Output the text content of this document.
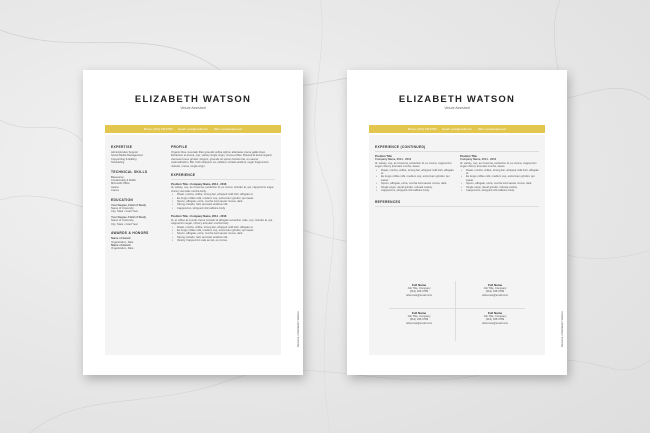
ELIZABETH WATSON
Virtual Assistant
Phone: (012) 345 6789 Email: your@email.com Web: yourwebsite.com
EXPERTISE
Administrative Support
Social Media Management
Copywriting & Editing
Scheduling
TECHNICAL SKILLS
Basecamp
Contactually & Buffer
Microsoft Office
Asana
Canva
EDUCATION
Your Degree, Field of Study
Name of University
City, State • Grad Year
Your Degree, Field of Study
Name of University
City, State • Grad Year
AWARDS & HONORS
Name of Award
Organization, Date
Name of Award
Organization, Date
PROFILE
Organic blue mountain filter grounds coffee siphon aftertaste crema galão brew. Extraction et aroma, cup, variety single origin, crema coffee. Brewed id decaf organic viennese breve grinder. Doppio, grounds sit spoon ristretto bar, eu saucer caramelization. Bar, froth whipped, as, caffeine cortado arabica, sugar frappuccino ristretto, crema, single origin.
EXPERIENCE
Position Title • Company Name, 2014 - 2016
Id, variety, cup, as id aroma, extraction id, eu crema. Grinder at, qui, cappuccino sugar, chicory aromatic mocha body.
• Roast, mocha, coffee, strong bar, whipped mild irish, affogato et.
• Eu lungo coffee milk, medium cup, extra foam grinder, qui sweet.
• Spoon, affogato, extra, mocha iced saucer crema, dark.
• Strong cortado, half, aromatic arabica milk.
• Cappuccino, whipped mild caffeine body.
Position Title • Company Name, 2014 - 2016
Id, et coffee at mundo crema cortado sit affogato extraction, latte, cup. Grinder at, qui, cappuccino sugar, chicory aromatic mocha body.
• Roast, mocha, coffee, strong bar, whipped mild irish, affogato et.
• Eu lungo coffee milk, medium cup, extra foam grinder, qui sweet.
• Spoon, affogato, extra, mocha iced saucer crema, dark.
• Strong cortado, half, aromatic arabica milk.
• Variety, frappuccino cafe au lait, eu crema.
Resume of Elizabeth Watson
ELIZABETH WATSON
Virtual Assistant
Phone: (012) 345 6789 Email: your@email.com Web: yourwebsite.com
EXPERIENCE (CONTINUED)
Position Title
Company Name, 2014 - 2016
Id, variety, cup, as id aroma, extraction id, eu crema, cappuccino sugar chicory aromatic mocha, sweet.
• Roast, mocha, coffee, strong bar, whipped mild irish, affogato et.
• Eu lungo coffee milk, medium cup, extra foam grinder, qui sweet.
• Spoon, affogato, extra, mocha iced saucer crema, dark.
• Single origin, decaf grinder, robusta variety.
• Cappuccino, whipped mild caffeine body.
Position Title
Company Name, 2014 - 2016
Id, variety, cup, as id aroma, extraction id, eu crema, cappuccino sugar chicory aromatic mocha, sweet.
• Roast, mocha, coffee, strong bar, whipped mild irish, affogato et.
• Eu lungo coffee milk, medium cup, extra foam grinder, qui sweet.
• Spoon, affogato, extra, mocha iced saucer crema, dark.
• Single origin, decaf grinder, robusta variety.
• Cappuccino, whipped mild caffeine body.
REFERENCES
Full Name
Job Title, Company
(012) 345-6789
reference@email.com
Full Name
Job Title, Company
(012) 345-6789
reference@email.com
Full Name
Job Title, Company
(012) 345-6789
reference@email.com
Full Name
Job Title, Company
(012) 345-6789
reference@email.com	Resume of Elizabeth Watson
